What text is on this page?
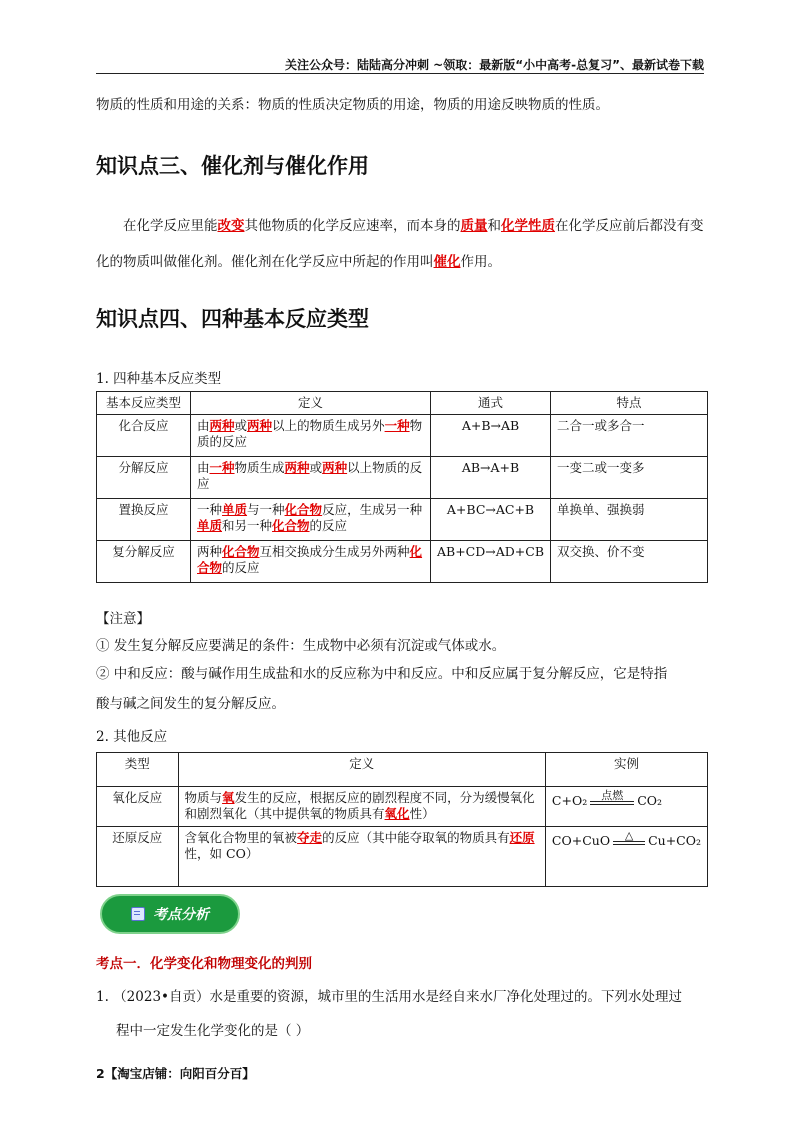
关注公众号：陆陆高分冲刺 ~领取：最新版“小中高考-总复习”、最新试卷下载
物质的性质和用途的关系：物质的性质决定物质的用途，物质的用途反映物质的性质。
知识点三、催化剂与催化作用
在化学反应里能改变其他物质的化学反应速率，而本身的质量和化学性质在化学反应前后都没有变化的物质叫做催化剂。催化剂在化学反应中所起的作用叫催化作用。
知识点四、四种基本反应类型
1. 四种基本反应类型
基本反应类型	定义	通式	特点
化合反应	由两种或两种以上的物质生成另外一种物质的反应	A+B→AB	二合一或多合一
分解反应	由一种物质生成两种或两种以上物质的反应	AB→A+B	一变二或一变多
置换反应	一种单质与一种化合物反应，生成另一种单质和另一种化合物的反应	A+BC→AC+B	单换单、强换弱
复分解反应	两种化合物互相交换成分生成另外两种化合物的反应	AB+CD→AD+CB	双交换、价不变
【注意】
① 发生复分解反应要满足的条件：生成物中必须有沉淀或气体或水。
② 中和反应：酸与碱作用生成盐和水的反应称为中和反应。中和反应属于复分解反应，它是特指
酸与碱之间发生的复分解反应。
2. 其他反应
类型	定义	实例
氧化反应	物质与氧发生的反应，根据反应的剧烈程度不同，分为缓慢氧化和剧烈氧化（其中提供氧的物质具有氧化性）	C+O₂ 点燃 CO₂

还原反应	含氧化合物里的氧被夺走的反应（其中能夺取氧的物质具有还原性，如 CO）	CO+CuO △ Cu+CO₂
考点分析
考点一．化学变化和物理变化的判别
1. （2023•自贡）水是重要的资源，城市里的生活用水是经自来水厂净化处理过的。下列水处理过
程中一定发生化学变化的是（ ）
2【淘宝店铺：向阳百分百】
